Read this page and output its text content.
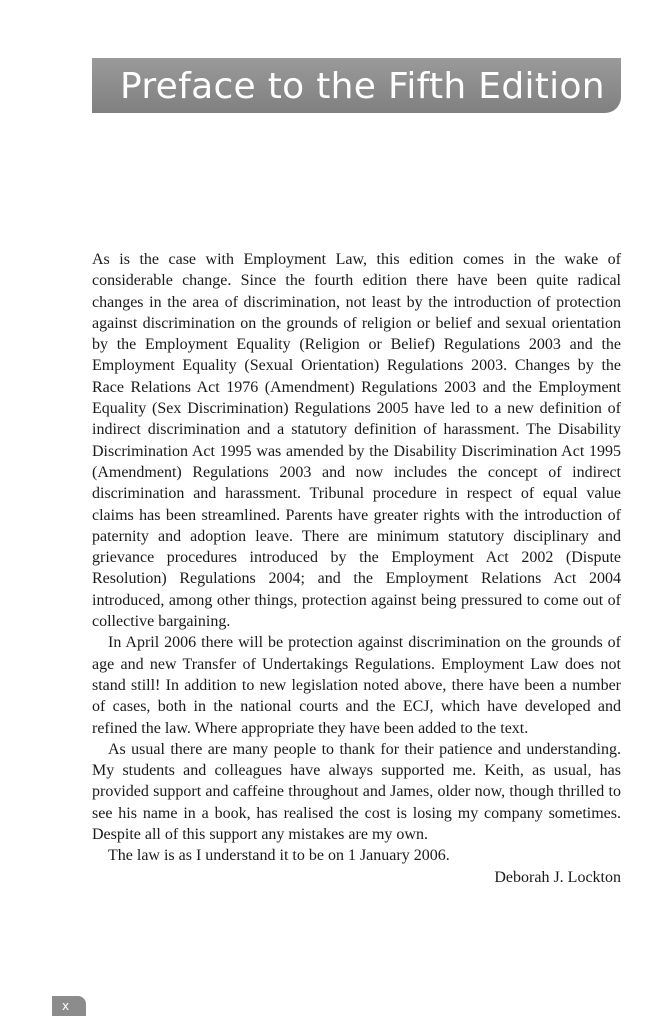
Preface to the Fifth Edition

As is the case with Employment Law, this edition comes in the wake of considerable change. Since the fourth edition there have been quite radical changes in the area of discrimination, not least by the introduction of protection against discrimination on the grounds of religion or belief and sexual orientation by the Employment Equality (Religion or Belief) Regulations 2003 and the Employment Equality (Sexual Orientation) Regulations 2003. Changes by the Race Relations Act 1976 (Amendment) Regulations 2003 and the Employment Equality (Sex Discrimination) Regulations 2005 have led to a new definition of indirect discrimination and a statutory definition of harassment. The Disability Discrimination Act 1995 was amended by the Disability Discrimination Act 1995 (Amendment) Regulations 2003 and now includes the concept of indirect discrimination and harassment. Tribunal procedure in respect of equal value claims has been streamlined. Parents have greater rights with the introduction of paternity and adoption leave. There are minimum statutory disciplinary and grievance procedures introduced by the Employment Act 2002 (Dispute Resolution) Regulations 2004; and the Employment Relations Act 2004 introduced, among other things, protection against being pressured to come out of collective bargaining.

In April 2006 there will be protection against discrimination on the grounds of age and new Transfer of Undertakings Regulations. Employment Law does not stand still! In addition to new legislation noted above, there have been a number of cases, both in the national courts and the ECJ, which have developed and refined the law. Where appropriate they have been added to the text.

As usual there are many people to thank for their patience and understanding. My students and colleagues have always supported me. Keith, as usual, has provided support and caffeine throughout and James, older now, though thrilled to see his name in a book, has realised the cost is losing my company sometimes. Despite all of this support any mistakes are my own.

The law is as I understand it to be on 1 January 2006.

Deborah J. Lockton

x
